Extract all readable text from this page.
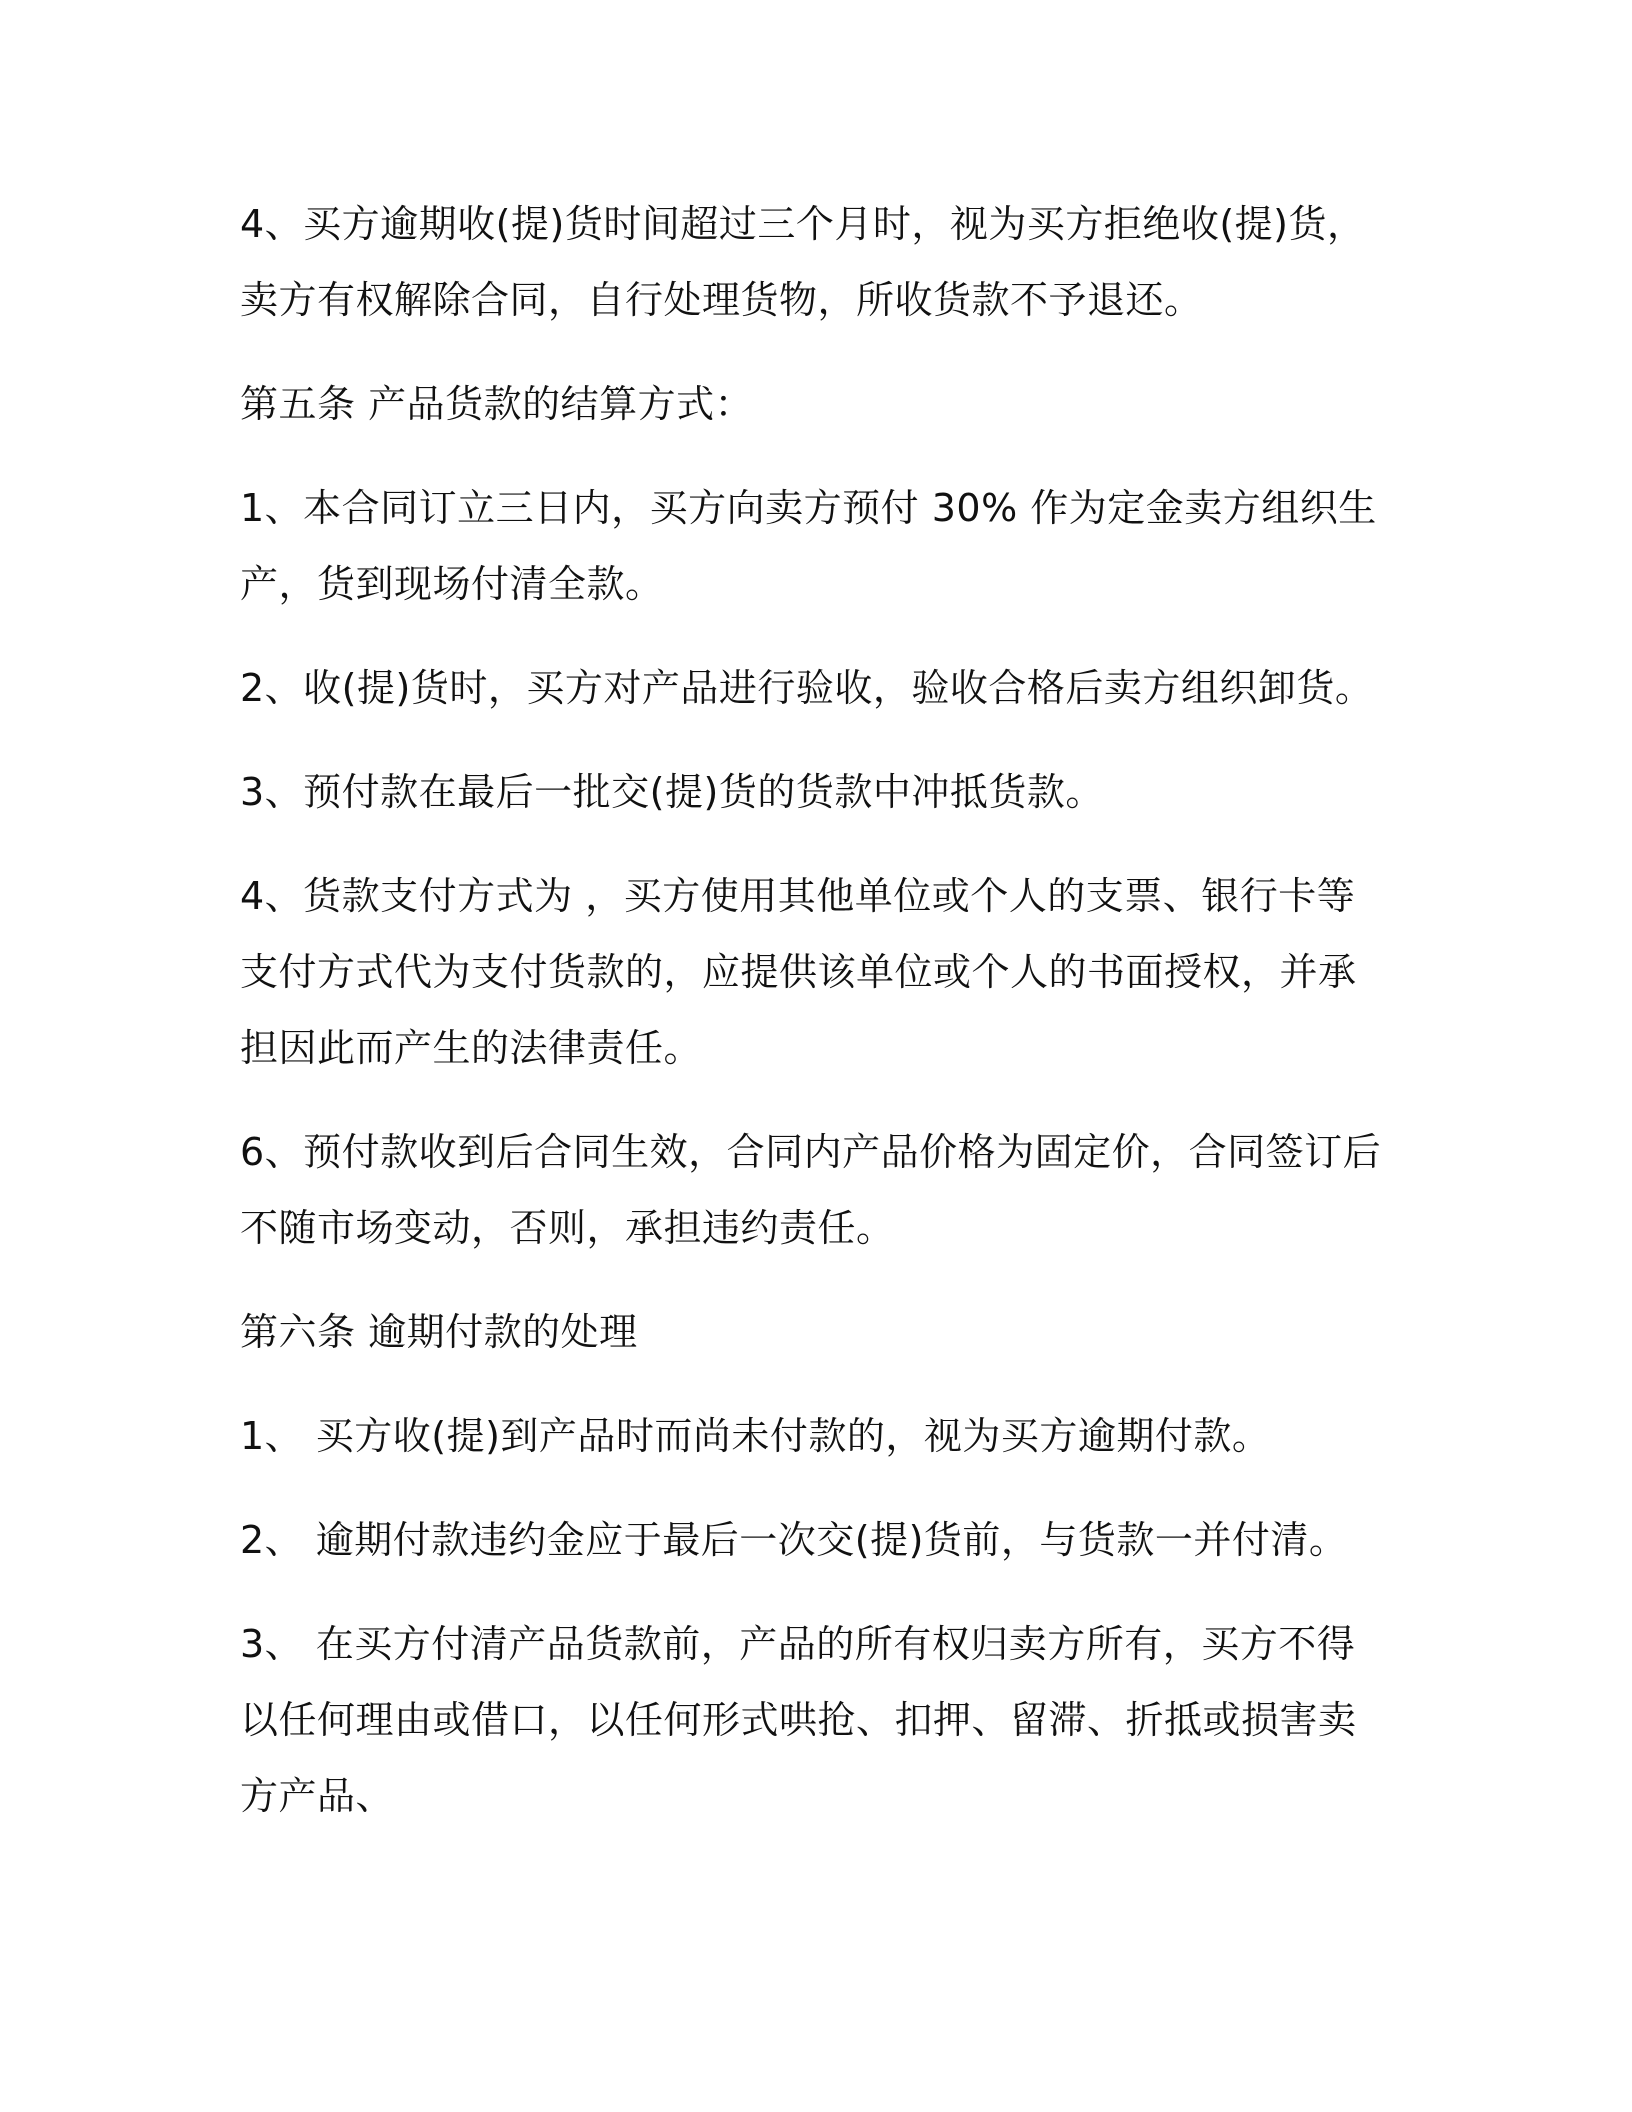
4、买方逾期收(提)货时间超过三个月时，视为买方拒绝收(提)货，卖方有权解除合同，自行处理货物，所收货款不予退还。

第五条 产品货款的结算方式：

1、本合同订立三日内，买方向卖方预付 30% 作为定金卖方组织生产，货到现场付清全款。

2、收(提)货时，买方对产品进行验收，验收合格后卖方组织卸货。

3、预付款在最后一批交(提)货的货款中冲抵货款。

4、货款支付方式为 ，买方使用其他单位或个人的支票、银行卡等支付方式代为支付货款的，应提供该单位或个人的书面授权，并承担因此而产生的法律责任。

6、预付款收到后合同生效，合同内产品价格为固定价，合同签订后不随市场变动，否则，承担违约责任。

第六条 逾期付款的处理

1、 买方收(提)到产品时而尚未付款的，视为买方逾期付款。

2、 逾期付款违约金应于最后一次交(提)货前，与货款一并付清。

3、 在买方付清产品货款前，产品的所有权归卖方所有，买方不得以任何理由或借口，以任何形式哄抢、扣押、留滞、折抵或损害卖方产品、
